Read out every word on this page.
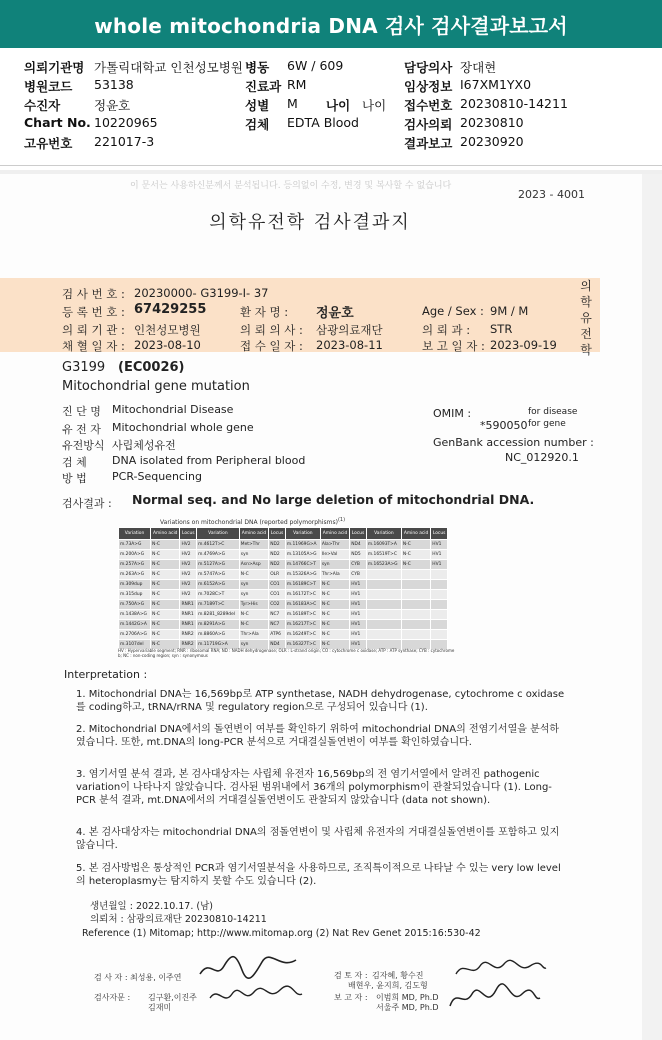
whole mitochondria DNA 검사 검사결과보고서
의뢰기관명 가톨릭대학교 인천성모병원 병동 6W / 609	담당의사 장대현
병원코드 53138	진료과 RM	임상정보 I67XM1YX0
수진자	정윤호	성별 M 나이 나이 접수번호 20230810-14211
Chart No. 10220965	검체 EDTA Blood	검사의뢰 20230810
고유번호 221017-3	결과보고 20230920
이 문서는 사용하신분께서 분석됩니다. 등의없이 수정, 변경 및 복사할 수 없습니다
2023 - 4001
의학유전학 검사결과지
검 사 번 호 : 20230000- G3199-I- 37
등 록 번 호 : 67429255	환 자 명 : 정윤호	Age / Sex : 9M / M
의 뢰 기 관 : 인천성모병원	의 뢰 의 사 : 삼광의료재단	의 뢰 과 : STR
채 혈 일 자 : 2023-08-10	접 수 일 자 : 2023-08-11	보 고 일 자 : 2023-09-19
의
학
유
전
학
G3199 (EC0026)
Mitochondrial gene mutation
진 단 명 Mitochondrial Disease
유 전 자 Mitochondrial whole gene
유전방식 사립체성유전
검 체 DNA isolated from Peripheral blood
방 법 PCR-Sequencing
OMIM :	for disease
*590050 for gene
GenBank accession number :
NC_012920.1
검사결과 : Normal seq. and No large deletion of mitochondrial DNA.
Variations on mitochondrial DNA (reported polymorphisms)$^{(1)}$
Variation	Amino acid	Locus	Variation	Amino acid	Locus	Variation	Amino acid	Locus	Variation	Amino acid	Locus
m.73A>G	N-C	HV2	m.4612T>C	Met>Thr	ND2	m.11969G>A	Ala>Thr	ND4	m.16093T>A	N-C	HV1
m.200A>G	N-C	HV2	m.4769A>G	syn	ND2	m.13105A>G	Ile>Val	ND5	m.16519T>C	N-C	HV1
m.257A>G	N-C	HV2	m.5127A>G	Asn>Asp	ND2	m.14766C>T	syn	CYB	m.16523A>G	N-C	HV1
m.263A>G	N-C	HV2	m.5747A>G	N-C	OLR	m.15326A>G	Thr>Ala	CYB			
m.309dup	N-C	HV2	m.6152A>G	syn	CO1	m.16189C>T	N-C	HV1			
m.315dup	N-C	HV2	m.7028C>T	syn	CO1	m.16172T>C	N-C	HV1			
m.750A>G	N-C	RNR1	m.7189T>C	Tyr>His	CO2	m.16183A>C	N-C	HV1			
m.1438A>G	N-C	RNR1	m.8281_8289del	N-C	NC7	m.16189T>C	N-C	HV1			
m.1442G>A	N-C	RNR1	m.8291A>G	N-C	NC7	m.16217T>C	N-C	HV1			
m.2706A>G	N-C	RNR2	m.8860A>G	Thr>Ala	ATP6	m.16249T>C	N-C	HV1			
m.3107del	N-C	RNR2	m.11719G>A	syn	ND4	m.16327T>C	N-C	HV1			
HV : Hypervariable segment; RNR : ribosomal RNA; ND : NADH dehydrogenase; OLR : L-strand origin; CO : cytochrome c oxidase; ATP : ATP synthase; CYB : cytochrome b; NC : non-coding region; syn : synonymous
Interpretation :
1. Mitochondrial DNA는 16,569bp로 ATP synthetase, NADH dehydrogenase, cytochrome c oxidase를 coding하고, tRNA/rRNA 및 regulatory region으로 구성되어 있습니다 (1).
2. Mitochondrial DNA에서의 돌연변이 여부를 확인하기 위하여 mitochondrial DNA의 전염기서열을 분석하였습니다. 또한, mt.DNA의 long-PCR 분석으로 거대결실돌연변이 여부를 확인하였습니다.
3. 염기서열 분석 결과, 본 검사대상자는 사립체 유전자 16,569bp의 전 염기서열에서 알려진 pathogenic variation이 나타나지 않았습니다. 검사된 범위내에서 36개의 polymorphism이 관찰되었습니다 (1). Long-PCR 분석 결과, mt.DNA에서의 거대결실돌연변이도 관찰되지 않았습니다 (data not shown).
4. 본 검사대상자는 mitochondrial DNA의 점돌연변이 및 사립체 유전자의 거대결실돌연변이를 포함하고 있지 않습니다.
5. 본 검사방법은 통상적인 PCR과 염기서열분석을 사용하므로, 조직특이적으로 나타날 수 있는 very low level의 heteroplasmy는 탐지하지 못할 수도 있습니다 (2).
생년월일 : 2022.10.17. (남)
의뢰처 : 삼광의료재단 20230810-14211
Reference (1) Mitomap; http://www.mitomap.org (2) Nat Rev Genet 2015:16:530-42
검 사 자 : 최성용, 이주연
검사자문 : 김구환,이진주
김재미
검 토 자 : 김자혜, 황수진
배현우, 윤지희, 김도형
보 고 자 : 이범희 MD, Ph.D
서울주 MD, Ph.D
